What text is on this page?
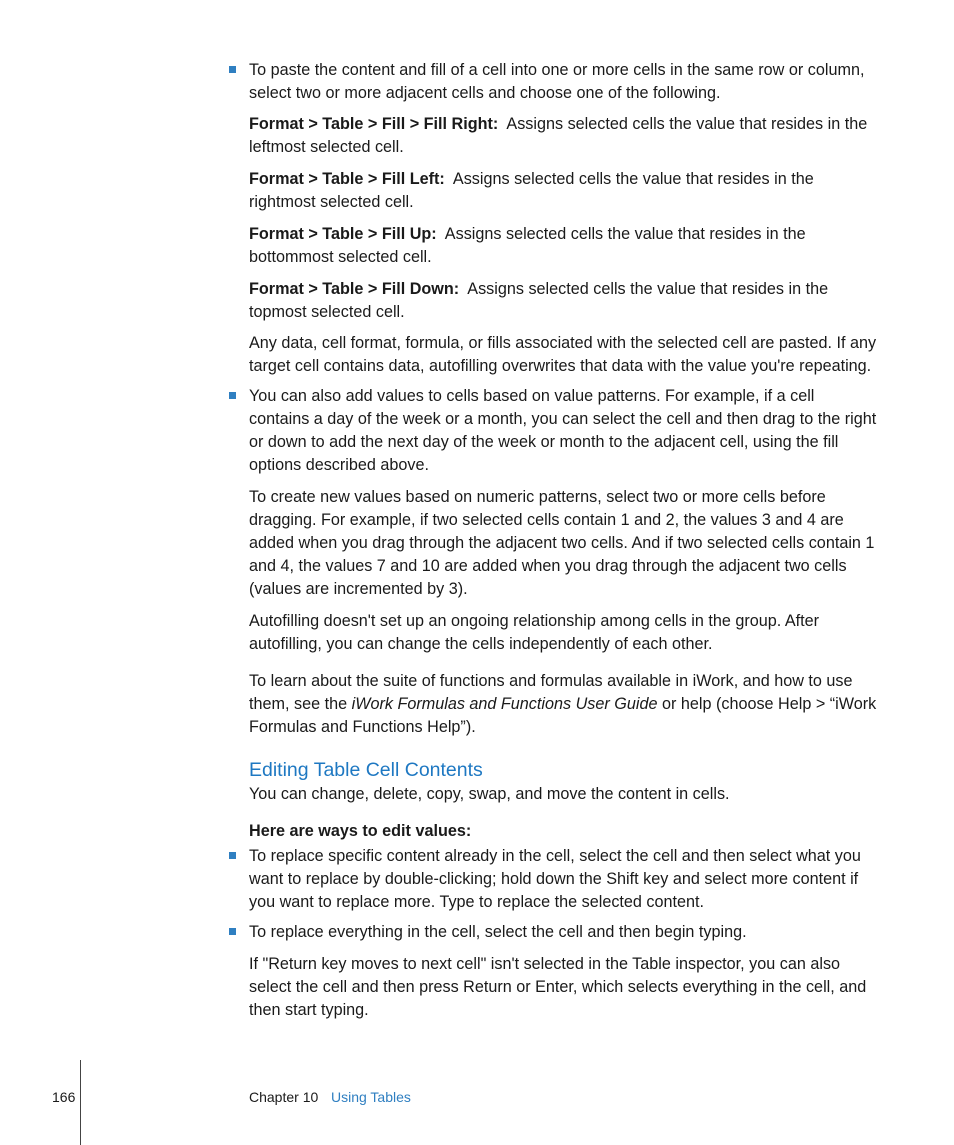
To paste the content and fill of a cell into one or more cells in the same row or column, select two or more adjacent cells and choose one of the following.

Format > Table > Fill > Fill Right: Assigns selected cells the value that resides in the leftmost selected cell.

Format > Table > Fill Left: Assigns selected cells the value that resides in the rightmost selected cell.

Format > Table > Fill Up: Assigns selected cells the value that resides in the bottommost selected cell.

Format > Table > Fill Down: Assigns selected cells the value that resides in the topmost selected cell.

Any data, cell format, formula, or fills associated with the selected cell are pasted. If any target cell contains data, autofilling overwrites that data with the value you're repeating.

You can also add values to cells based on value patterns. For example, if a cell contains a day of the week or a month, you can select the cell and then drag to the right or down to add the next day of the week or month to the adjacent cell, using the fill options described above.

To create new values based on numeric patterns, select two or more cells before dragging. For example, if two selected cells contain 1 and 2, the values 3 and 4 are added when you drag through the adjacent two cells. And if two selected cells contain 1 and 4, the values 7 and 10 are added when you drag through the adjacent two cells (values are incremented by 3).

Autofilling doesn't set up an ongoing relationship among cells in the group. After autofilling, you can change the cells independently of each other.

To learn about the suite of functions and formulas available in iWork, and how to use them, see the iWork Formulas and Functions User Guide or help (choose Help > “iWork Formulas and Functions Help”).

Editing Table Cell Contents

You can change, delete, copy, swap, and move the content in cells.

Here are ways to edit values:

To replace specific content already in the cell, select the cell and then select what you want to replace by double-clicking; hold down the Shift key and select more content if you want to replace more. Type to replace the selected content.

To replace everything in the cell, select the cell and then begin typing.

If "Return key moves to next cell" isn't selected in the Table inspector, you can also select the cell and then press Return or Enter, which selects everything in the cell, and then start typing.

166	Chapter 10 Using Tables
